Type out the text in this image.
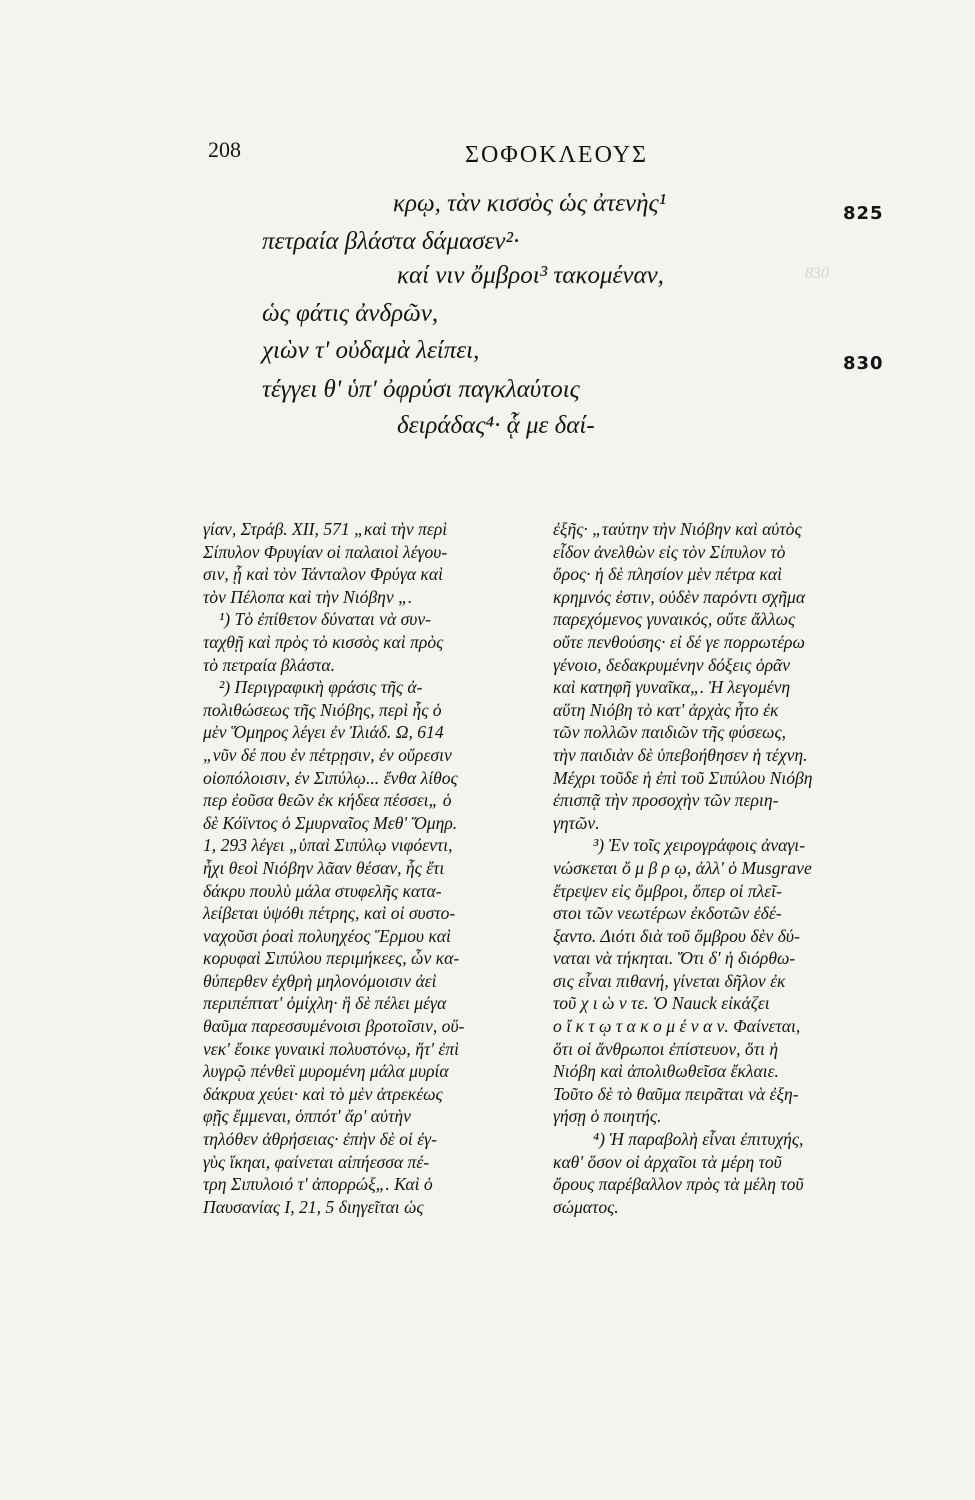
208	ΣΟΦΟΚΛΕΟΥΣ
830
κρῳ, τὰν κισσὸς ὡς ἀτενὴς¹
πετραία βλάστα δάμασεν²·
καί νιν ὄμβροι³ τακομέναν,
ὡς φάτις ἀνδρῶν,
χιὼν τ' οὐδαμὰ λείπει,
τέγγει θ' ὑπ' ὀφρύσι παγκλαύτοις
δειράδας⁴· ᾇ με δαί-
825
830
γίαν, Στράβ. XII, 571 „καὶ τὴν περὶ
Σίπυλον Φρυγίαν οἱ παλαιοὶ λέγου-
σιν, ᾗ καὶ τὸν Τάνταλον Φρύγα καὶ
τὸν Πέλοπα καὶ τὴν Νιόβην „.
¹) Τὸ ἐπίθετον δύναται νὰ συν-
ταχθῇ καὶ πρὸς τὸ κισσὸς καὶ πρὸς
τὸ πετραία βλάστα.
²) Περιγραφικὴ φράσις τῆς ἀ-
πολιθώσεως τῆς Νιόβης, περὶ ἧς ὁ
μὲν Ὅμηρος λέγει ἐν Ἰλιάδ. Ω, 614
„νῦν δέ που ἐν πέτρῃσιν, ἐν οὔρεσιν
οἰοπόλοισιν, ἐν Σιπύλῳ... ἔνθα λίθος
περ ἐοῦσα θεῶν ἐκ κήδεα πέσσει„ ὁ
δὲ Κόϊντος ὁ Σμυρναῖος Μεθ' Ὅμηρ.
1, 293 λέγει „ὑπαὶ Σιπύλῳ νιφόεντι,
ἧχι θεοὶ Νιόβην λᾶαν θέσαν, ἧς ἔτι
δάκρυ πουλὺ μάλα στυφελῆς κατα-
λείβεται ὑψόθι πέτρης, καὶ οἱ συστο-
ναχοῦσι ῥοαὶ πολυηχέος Ἕρμου καὶ
κορυφαὶ Σιπύλου περιμήκεες, ὧν κα-
θύπερθεν ἐχθρὴ μηλονόμοισιν ἀεὶ
περιπέπτατ' ὀμίχλη· ἣ δὲ πέλει μέγα
θαῦμα παρεσσυμένοισι βροτοῖσιν, οὕ-
νεκ' ἔοικε γυναικὶ πολυστόνῳ, ἥτ' ἐπὶ
λυγρῷ πένθεϊ μυρομένη μάλα μυρία
δάκρυα χεύει· καὶ τὸ μὲν ἀτρεκέως
φῇς ἔμμεναι, ὁππότ' ἄρ' αὐτὴν
τηλόθεν ἀθρήσειας· ἐπὴν δὲ οἱ ἐγ-
γὺς ἵκηαι, φαίνεται αἰπήεσσα πέ-
τρη Σιπυλοιό τ' ἀπορρώξ„. Καὶ ὁ
Παυσανίας Ι, 21, 5 διηγεῖται ὡς
ἐξῆς· „ταύτην τὴν Νιόβην καὶ αὐτὸς
εἶδον ἀνελθὼν εἰς τὸν Σίπυλον τὸ
ὄρος· ἡ δὲ πλησίον μὲν πέτρα καὶ
κρημνός ἐστιν, οὐδὲν παρόντι σχῆμα
παρεχόμενος γυναικός, οὔτε ἄλλως
οὔτε πενθούσης· εἰ δέ γε πορρωτέρω
γένοιο, δεδακρυμένην δόξεις ὁρᾶν
καὶ κατηφῆ γυναῖκα„. Ἡ λεγομένη
αὕτη Νιόβη τὸ κατ' ἀρχὰς ἦτο ἐκ
τῶν πολλῶν παιδιῶν τῆς φύσεως,
τὴν παιδιὰν δὲ ὑπεβοήθησεν ἡ τέχνη.
Μέχρι τοῦδε ἡ ἐπὶ τοῦ Σιπύλου Νιόβη
ἐπισπᾷ τὴν προσοχὴν τῶν περιη-
γητῶν.
³) Ἐν τοῖς χειρογράφοις ἀναγι-
νώσκεται ὄ μ β ρ ῳ, ἀλλ' ὁ Musgrave
ἔτρεψεν εἰς ὄμβροι, ὅπερ οἱ πλεῖ-
στοι τῶν νεωτέρων ἐκδοτῶν ἐδέ-
ξαντο. Διότι διὰ τοῦ ὄμβρου δὲν δύ-
ναται νὰ τήκηται. Ὅτι δ' ἡ διόρθω-
σις εἶναι πιθανή, γίνεται δῆλον ἐκ
τοῦ χ ι ὼ ν τε. Ὁ Nauck εἰκάζει
ο ἴ κ τ ῳ τ α κ ο μ έ ν α ν. Φαίνεται,
ὅτι οἱ ἄνθρωποι ἐπίστευον, ὅτι ἡ
Νιόβη καὶ ἀπολιθωθεῖσα ἔκλαιε.
Τοῦτο δὲ τὸ θαῦμα πειρᾶται νὰ ἐξη-
γήσῃ ὁ ποιητής.
⁴) Ἡ παραβολὴ εἶναι ἐπιτυχής,
καθ' ὅσον οἱ ἀρχαῖοι τὰ μέρη τοῦ
ὄρους παρέβαλλον πρὸς τὰ μέλη τοῦ
σώματος.
